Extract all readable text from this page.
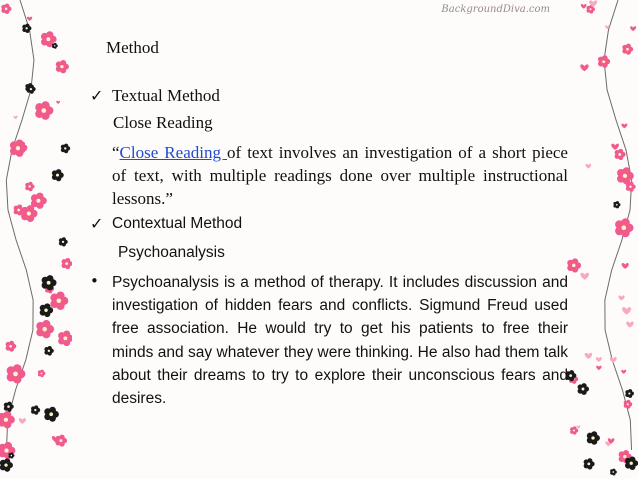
BackgroundDiva.com
Method
✓ Textual Method
Close Reading
“Close Reading of text involves an investigation of a short piece of text, with multiple readings done over multiple instructional lessons.”
✓ Contextual Method
Psychoanalysis
• Psychoanalysis is a method of therapy. It includes discussion and investigation of hidden fears and conflicts. Sigmund Freud used free association. He would try to get his patients to free their minds and say whatever they were thinking. He also had them talk about their dreams to try to explore their unconscious fears and desires.
